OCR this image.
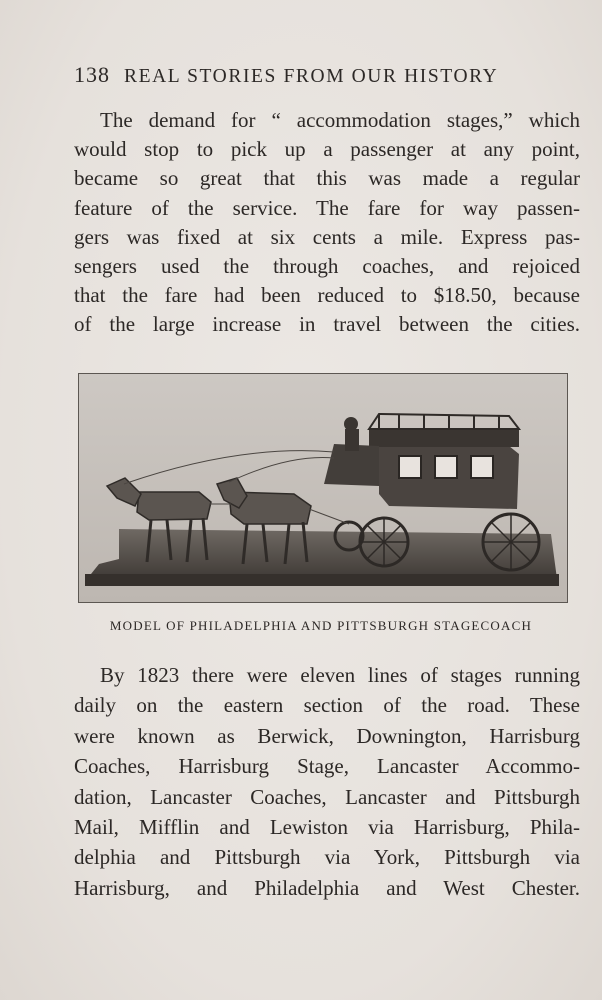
138 REAL STORIES FROM OUR HISTORY
The demand for “ accommodation stages,” which
would stop to pick up a passenger at any point,
became so great that this was made a regular
feature of the service. The fare for way passen-
gers was fixed at six cents a mile. Express pas-
sengers used the through coaches, and rejoiced
that the fare had been reduced to $18.50, because
of the large increase in travel between the cities.
MODEL OF PHILADELPHIA AND PITTSBURGH STAGECOACH
By 1823 there were eleven lines of stages running
daily on the eastern section of the road. These
were known as Berwick, Downington, Harrisburg
Coaches, Harrisburg Stage, Lancaster Accommo-
dation, Lancaster Coaches, Lancaster and Pittsburgh
Mail, Mifflin and Lewiston via Harrisburg, Phila-
delphia and Pittsburgh via York, Pittsburgh via
Harrisburg, and Philadelphia and West Chester.
